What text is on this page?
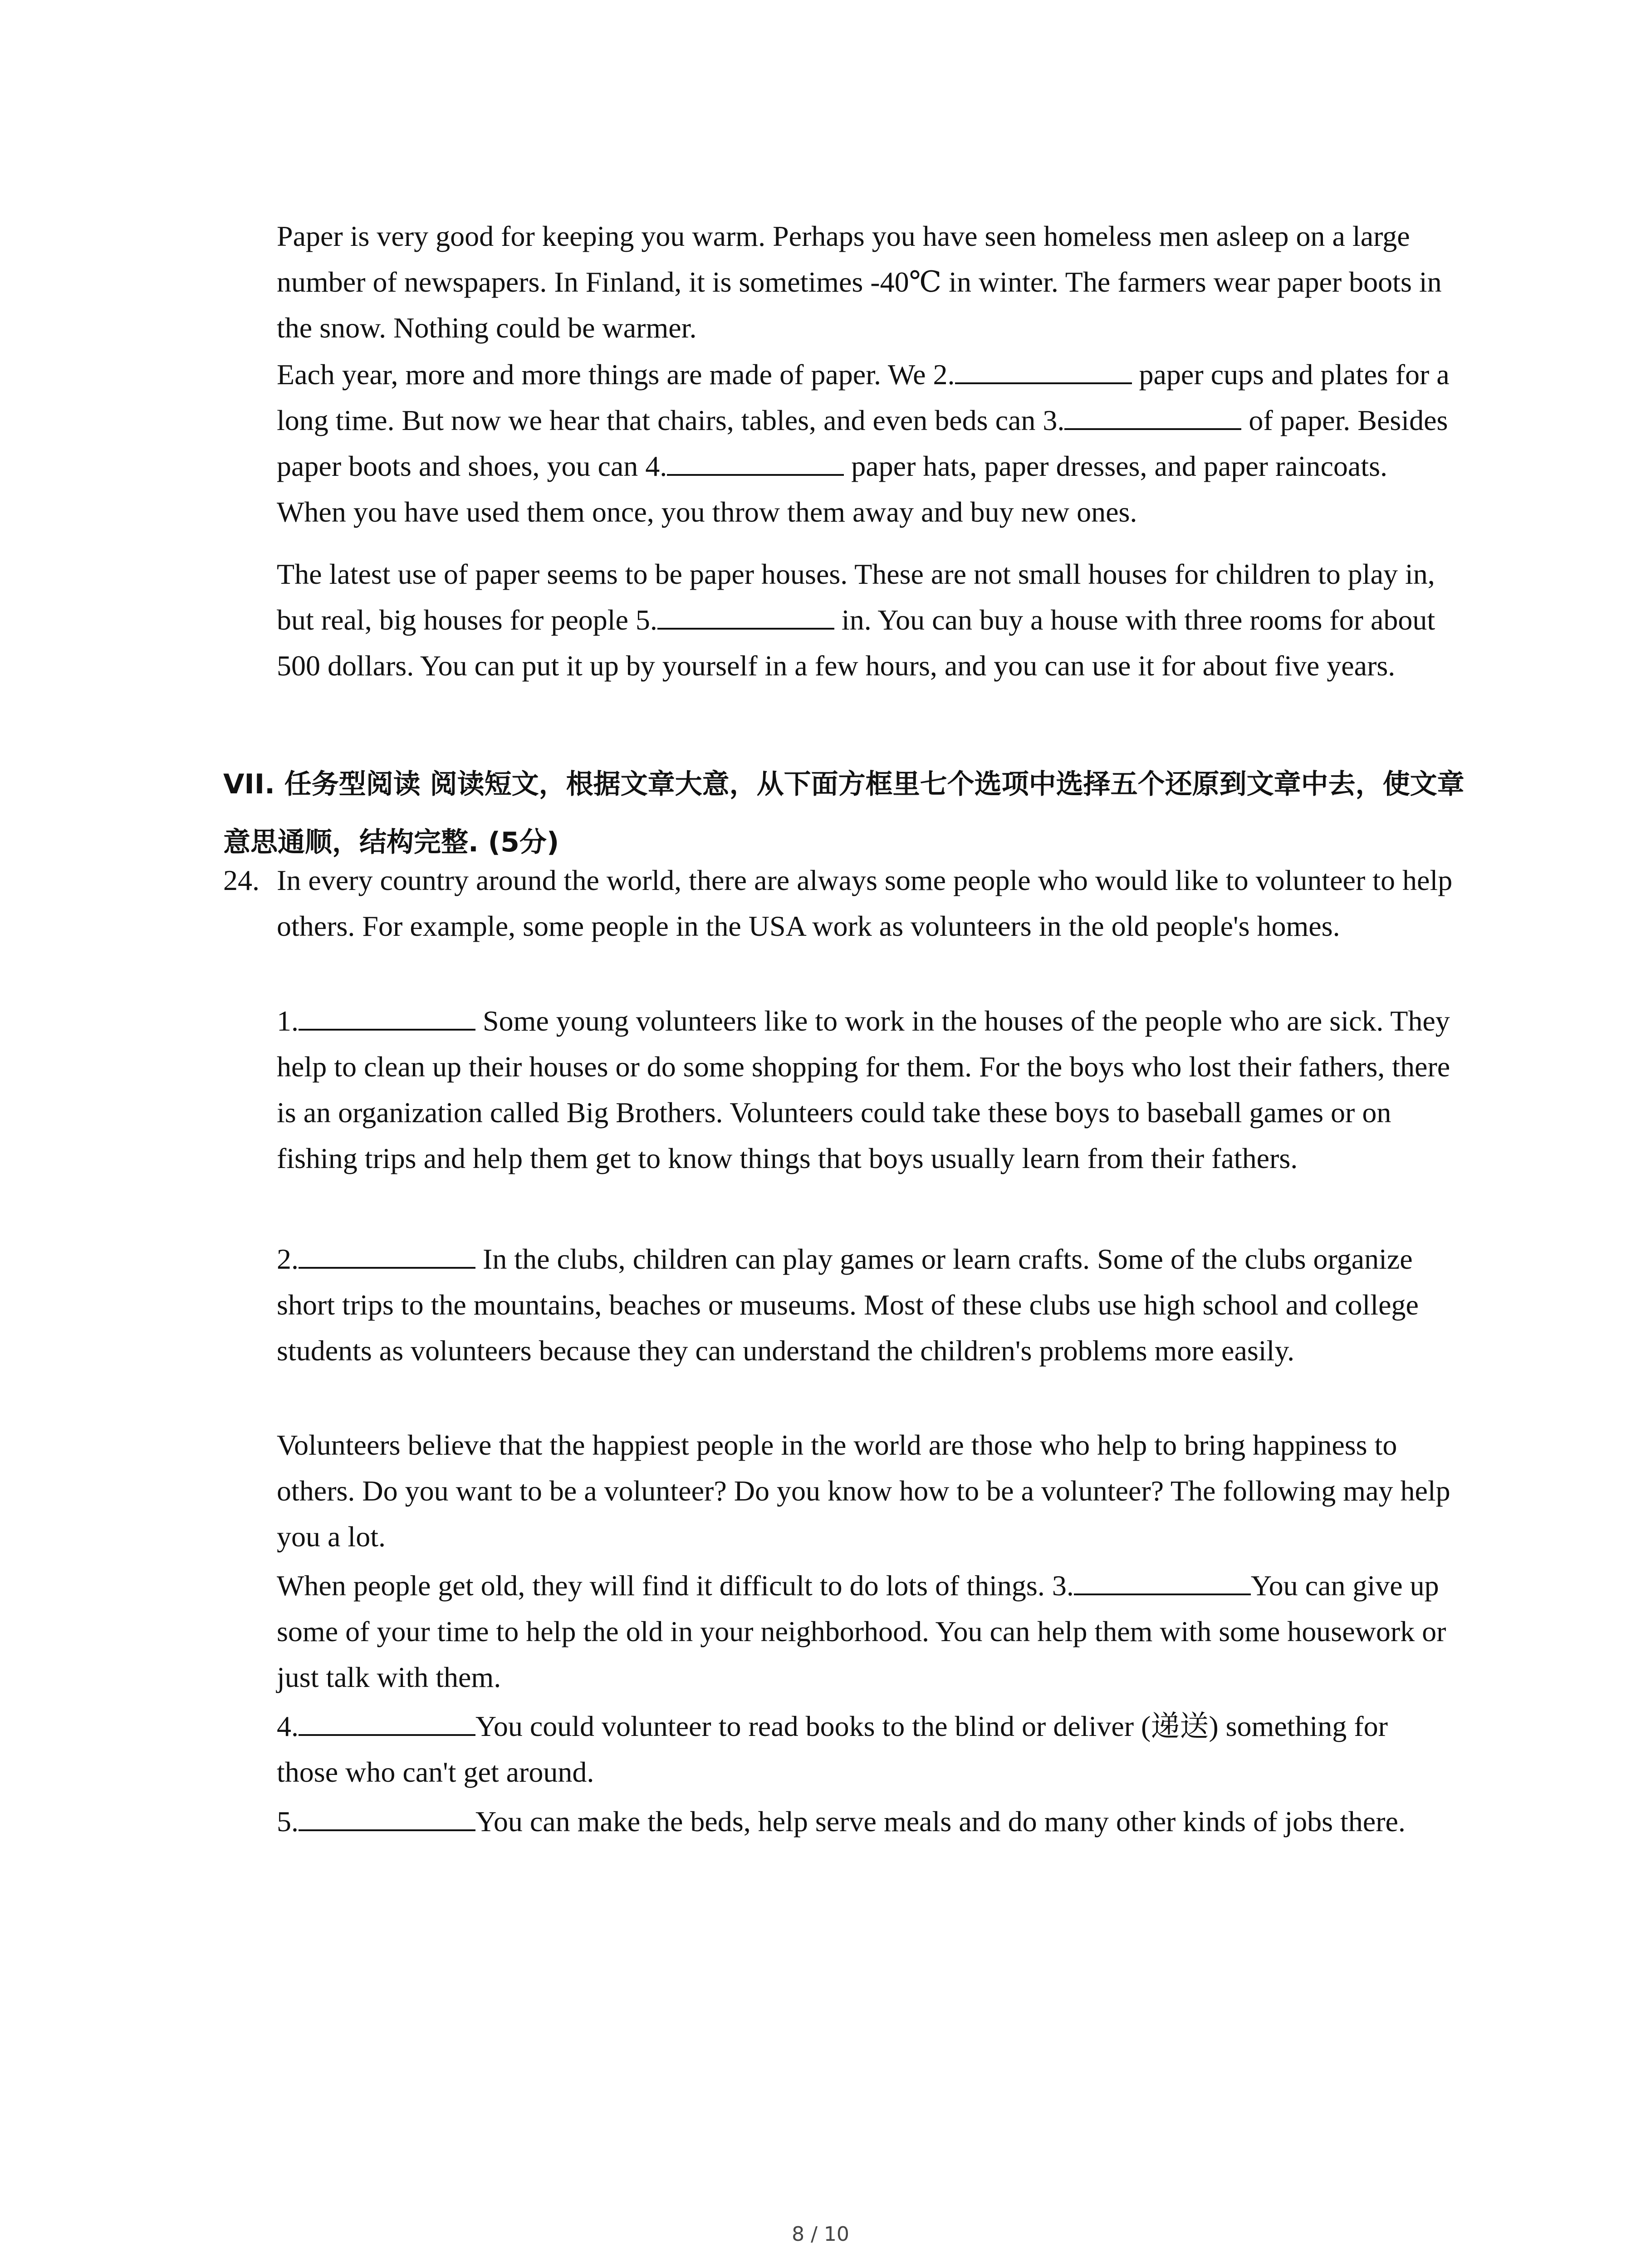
Paper is very good for keeping you warm. Perhaps you have seen homeless men asleep on a large number of newspapers. In Finland, it is sometimes -40℃ in winter. The farmers wear paper boots in the snow. Nothing could be warmer.

Each year, more and more things are made of paper. We 2.	paper cups and plates for a long time. But now we hear that chairs, tables, and even beds can 3.	of paper. Besides paper boots and shoes, you can 4.	paper hats, paper dresses, and paper raincoats. When you have used them once, you throw them away and buy new ones.

The latest use of paper seems to be paper houses. These are not small houses for children to play in, but real, big houses for people 5.	in. You can buy a house with three rooms for about 500 dollars. You can put it up by yourself in a few hours, and you can use it for about five years.

VII. 任务型阅读 阅读短文，根据文章大意，从下面方框里七个选项中选择五个还原到文章中去，使文章意思通顺，结构完整. (5分)

24. In every country around the world, there are always some people who would like to volunteer to help others. For example, some people in the USA work as volunteers in the old people's homes.

1.	Some young volunteers like to work in the houses of the people who are sick. They help to clean up their houses or do some shopping for them. For the boys who lost their fathers, there is an organization called Big Brothers. Volunteers could take these boys to baseball games or on fishing trips and help them get to know things that boys usually learn from their fathers.

2.	In the clubs, children can play games or learn crafts. Some of the clubs organize short trips to the mountains, beaches or museums. Most of these clubs use high school and college students as volunteers because they can understand the children's problems more easily.

Volunteers believe that the happiest people in the world are those who help to bring happiness to others. Do you want to be a volunteer? Do you know how to be a volunteer? The following may help you a lot.

When people get old, they will find it difficult to do lots of things. 3.	You can give up some of your time to help the old in your neighborhood. You can help them with some housework or just talk with them.

4.	You could volunteer to read books to the blind or deliver (递送) something for those who can't get around.

5.	You can make the beds, help serve meals and do many other kinds of jobs there.

8 / 10
